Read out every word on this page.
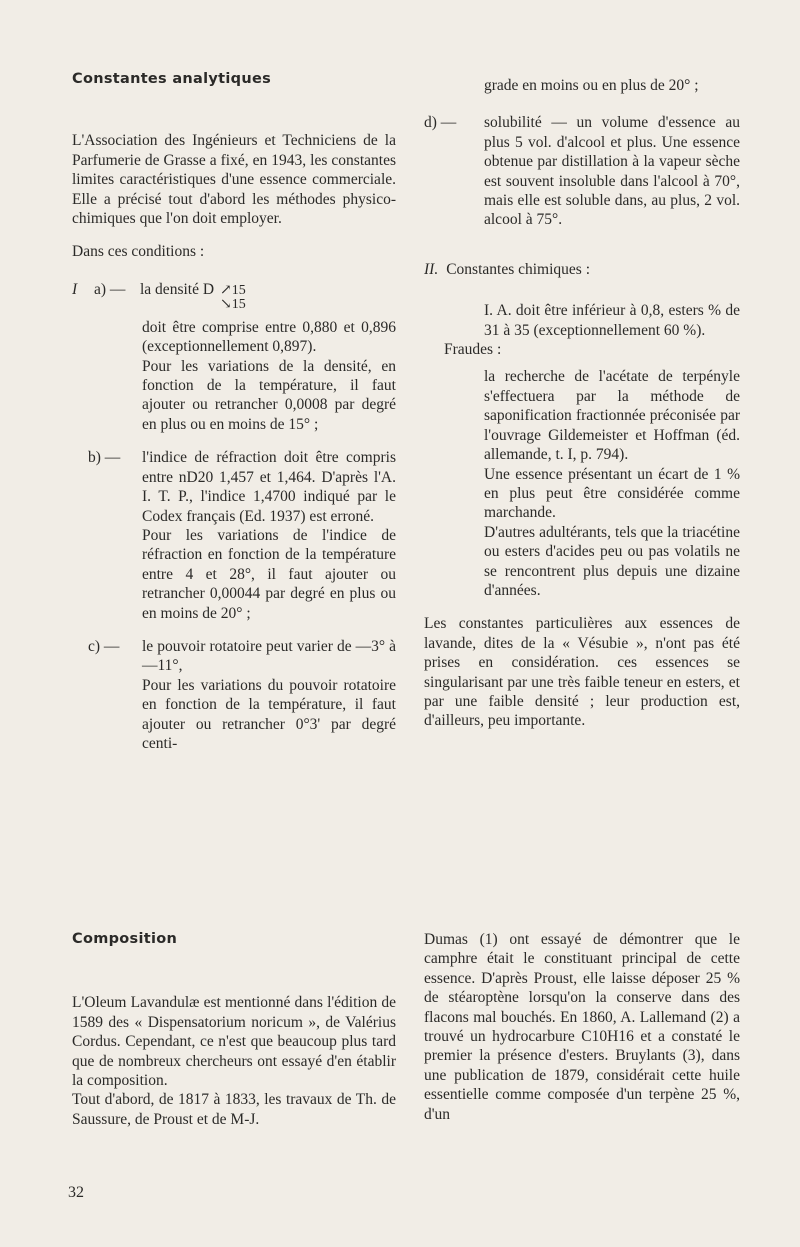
Constantes analytiques

L'Association des Ingénieurs et Techniciens de la Parfumerie de Grasse a fixé, en 1943, les constantes limites caractéristiques d'une essence commerciale. Elle a précisé tout d'abord les méthodes physico-chimiques que l'on doit employer.

Dans ces conditions :

I	a) — la densité D ↗15
↘15

doit être comprise entre 0,880 et 0,896 (exceptionnellement 0,897).

Pour les variations de la densité, en fonction de la température, il faut ajouter ou retrancher 0,0008 par degré en plus ou en moins de 15° ;

b) —	l'indice de réfraction doit être compris entre nD20 1,457 et 1,464. D'après l'A. I. T. P., l'indice 1,4700 indiqué par le Codex français (Ed. 1937) est erroné.

Pour les variations de l'indice de réfraction en fonction de la température entre 4 et 28°, il faut ajouter ou retrancher 0,00044 par degré en plus ou en moins de 20° ;

c) —	le pouvoir rotatoire peut varier de —3° à —11°,

Pour les variations du pouvoir rotatoire en fonction de la température, il faut ajouter ou retrancher 0°3' par degré centi-

grade en moins ou en plus de 20° ;

d) —	solubilité — un volume d'essence au plus 5 vol. d'alcool et plus. Une essence obtenue par distillation à la vapeur sèche est souvent insoluble dans l'alcool à 70°, mais elle est soluble dans, au plus, 2 vol. alcool à 75°.

II. Constantes chimiques :

I. A. doit être inférieur à 0,8, esters % de 31 à 35 (exceptionnellement 60 %).

Fraudes :

la recherche de l'acétate de terpényle s'effectuera par la méthode de saponification fractionnée préconisée par l'ouvrage Gildemeister et Hoffman (éd. allemande, t. I, p. 794).

Une essence présentant un écart de 1 % en plus peut être considérée comme marchande.

D'autres adultérants, tels que la triacétine ou esters d'acides peu ou pas volatils ne se rencontrent plus depuis une dizaine d'années.

Les constantes particulières aux essences de lavande, dites de la « Vésubie », n'ont pas été prises en considération. ces essences se singularisant par une très faible teneur en esters, et par une faible densité ; leur production est, d'ailleurs, peu importante.

Composition

L'Oleum Lavandulæ est mentionné dans l'édition de 1589 des « Dispensatorium noricum », de Valérius Cordus. Cependant, ce n'est que beaucoup plus tard que de nombreux chercheurs ont essayé d'en établir la composition.

Tout d'abord, de 1817 à 1833, les travaux de Th. de Saussure, de Proust et de M-J.

Dumas (1) ont essayé de démontrer que le camphre était le constituant principal de cette essence. D'après Proust, elle laisse déposer 25 % de stéaroptène lorsqu'on la conserve dans des flacons mal bouchés. En 1860, A. Lallemand (2) a trouvé un hydrocarbure C10H16 et a constaté le premier la présence d'esters. Bruylants (3), dans une publication de 1879, considérait cette huile essentielle comme composée d'un terpène 25 %, d'un

32
